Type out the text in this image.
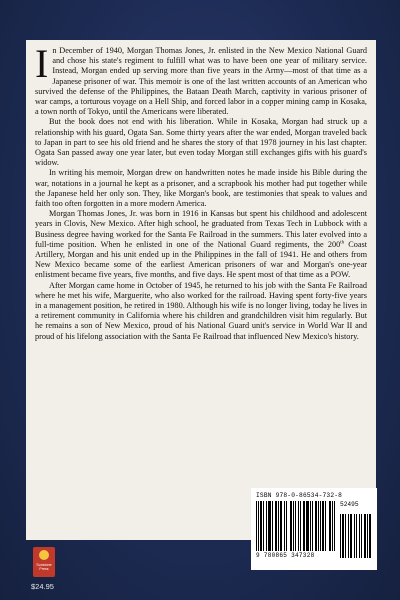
In December of 1940, Morgan Thomas Jones, Jr. enlisted in the New Mexico National Guard and chose his state's regiment to fulfill what was to have been one year of military service. Instead, Morgan ended up serving more than five years in the Army—most of that time as a Japanese prisoner of war. This memoir is one of the last written accounts of an American who survived the defense of the Philippines, the Bataan Death March, captivity in various prisoner of war camps, a torturous voyage on a Hell Ship, and forced labor in a copper mining camp in Kosaka, a town north of Tokyo, until the Americans were liberated.

But the book does not end with his liberation. While in Kosaka, Morgan had struck up a relationship with his guard, Ogata San. Some thirty years after the war ended, Morgan traveled back to Japan in part to see his old friend and he shares the story of that 1978 journey in his last chapter. Ogata San passed away one year later, but even today Morgan still exchanges gifts with his guard's widow.

In writing his memoir, Morgan drew on handwritten notes he made inside his Bible during the war, notations in a journal he kept as a prisoner, and a scrapbook his mother had put together while the Japanese held her only son. They, like Morgan's book, are testimonies that speak to values and faith too often forgotten in a more modern America.

Morgan Thomas Jones, Jr. was born in 1916 in Kansas but spent his childhood and adolescent years in Clovis, New Mexico. After high school, he graduated from Texas Tech in Lubbock with a Business degree having worked for the Santa Fe Railroad in the summers. This later evolved into a full-time position. When he enlisted in one of the National Guard regiments, the 200th Coast Artillery, Morgan and his unit ended up in the Philippines in the fall of 1941. He and others from New Mexico became some of the earliest American prisoners of war and Morgan's one-year enlistment became five years, five months, and five days. He spent most of that time as a POW.

After Morgan came home in October of 1945, he returned to his job with the Santa Fe Railroad where he met his wife, Marguerite, who also worked for the railroad. Having spent forty-five years in a management position, he retired in 1980. Although his wife is no longer living, today he lives in a retirement community in California where his children and grandchildren visit him regularly. But he remains a son of New Mexico, proud of his National Guard unit's service in World War II and proud of his lifelong association with the Santa Fe Railroad that influenced New Mexico's history.

ISBN 978-0-86534-732-8
9 780865 347328
52495
Sunstone Press
$24.95
